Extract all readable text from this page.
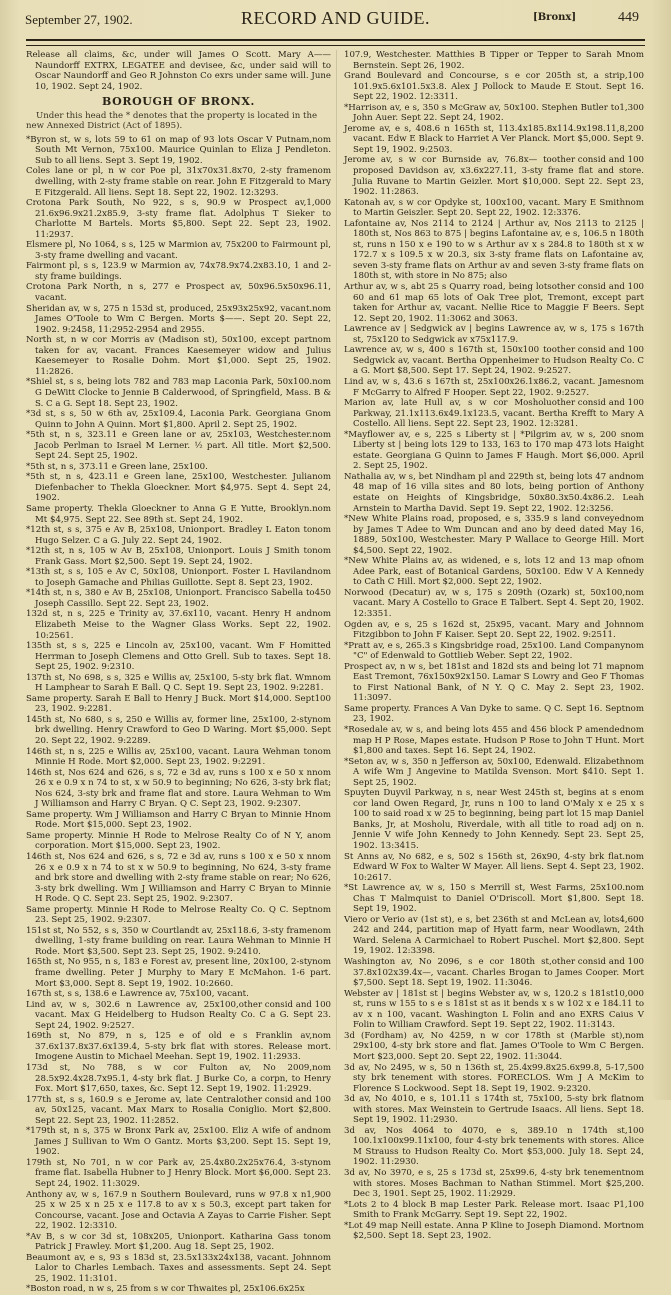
September 27, 1902.	RECORD AND GUIDE.	[Bronx]	449

——
Release all claims, &c, under will James O Scott. Mary A Naundorff EXTRX, LEGATEE and devisee, &c, under said will to Oscar Naundorff and Geo R Johnston Co exrs under same will. June 10, 1902. Sept 24, 1902.

BOROUGH OF BRONX.

Under this head the * denotes that the property is located in the new Annexed District (Act of 1895).

nom
*Byron st, w s, lots 59 to 61 on map of 93 lots Oscar V Putnam, South Mt Vernon, 75x100. Maurice Quinlan to Eliza J Pendleton. Sub to all liens. Sept 3. Sept 19, 1902.

nom
Coles lane or pl, n w cor Poe pl, 31x70x31.8x70, 2-sty frame dwelling, with 2-sty frame stable on rear. John E Fitzgerald to Mary E Fitzgerald. All liens. Sept 18. Sept 22, 1902. 12:3293.

1,000
Crotona Park South, No 922, s s, 90.9 w Prospect av, 21.6x96.9x21.2x85.9, 3-sty frame flat. Adolphus T Sieker to Charlotte M Bartels. Morts $5,800. Sept 22. Sept 23, 1902. 11:2937.

Elsmere pl, No 1064, s s, 125 w Marmion av, 75x200 to Fairmount pl, 3-sty frame dwelling and vacant.

Fairmont pl, s s, 123.9 w Marmion av, 74x78.9x74.2x83.10, 1 and 2-sty frame buildings.

Crotona Park North, n s, 277 e Prospect av, 50x96.5x50x96.11, vacant.

nom
Sheridan av, w s, 275 n 153d st, produced, 25x93x25x92, vacant. James O'Toole to Wm C Bergen. Morts $——. Sept 20. Sept 22, 1902. 9:2458, 11:2952-2954 and 2955.

nom
North st, n w cor Morris av (Madison st), 50x100, except part taken for av, vacant. Frances Kaesemeyer widow and Julius Kaesemeyer to Rosalie Dohm. Mort $1,000. Sept 25, 1902. 11:2826.

nom
*Shiel st, s s, being lots 782 and 783 map Laconia Park, 50x100. G DeWitt Clocke to Jennie B Calderwood, of Springfield, Mass. B & S. C a G. Sept 18. Sept 23, 1902.

nom
*3d st, s s, 50 w 6th av, 25x109.4, Laconia Park. Georgiana G Quinn to John A Quinn. Mort $1,800. April 2. Sept 25, 1902.

nom
*5th st, n s, 323.11 e Green lane or av, 25x103, Westchester. Jacob Perlman to Israel M Lerner. ½ part. All title. Mort $2,500. Sept 24. Sept 25, 1902.

*5th st, n s, 373.11 e Green lane, 25x100.

nom
*5th st, n s, 423.11 e Green lane, 25x100, Westchester. Julia Diefenbacher to Thekla Gloeckner. Mort $4,975. Sept 4. Sept 24, 1902.

nom
Same property. Thekla Gloeckner to Anna G E Yutte, Brooklyn. Mt $4,975. Sept 22. See 89th st. Sept 24, 1902.

nom
*12th st, s s, 375 e Av B, 25x108, Unionport. Bradley L Eaton to Hugo Selzer. C a G. July 22. Sept 24, 1902.

nom
*12th st, n s, 105 w Av B, 25x108, Unionport. Louis J Smith to Frank Gass. Mort $2,500. Sept 19. Sept 24, 1902.

nom
*13th st, s s, 105 e Av C, 50x108, Unionport. Foster L Haviland to Joseph Gamache and Philias Guillotte. Sept 8. Sept 23, 1902.

450
*14th st, n s, 380 e Av B, 25x108, Unionport. Francisco Sabella to Joseph Cassillo. Sept 22. Sept 23, 1902.

nom
132d st, n s, 225 e Trinity av, 37.6x110, vacant. Henry H and Elizabeth Meise to the Wagner Glass Works. Sept 22, 1902. 10:2561.

omitted
135th st, s s, 225 e Lincoln av, 25x100, vacant. Wm F H Herrman to Joseph Clemens and Otto Grell. Sub to taxes. Sept 18. Sept 25, 1902. 9:2310.

nom
137th st, No 698, s s, 325 e Willis av, 25x100, 5-sty brk flat. Wm H Lamphear to Sarah E Ball. Q C. Sept 19. Sept 23, 1902. 9:2281.

100
Same property. Sarah E Ball to Henry J Buck. Mort $14,000. Sept 23, 1902. 9:2281.

nom
145th st, No 680, s s, 250 e Willis av, former line, 25x100, 2-sty brk dwelling. Henry Crawford to Geo D Waring. Mort $5,000. Sept 20. Sept 22, 1902. 9:2289.

nom
146th st, n s, 225 e Willis av, 25x100, vacant. Laura Wehman to Minnie H Rode. Mort $2,000. Sept 23, 1902. 9:2291.

nom
146th st, Nos 624 and 626, s s, 72 e 3d av, runs s 100 x e 50 x n 26 x e 0.9 x n 74 to st, x w 50.9 to beginning; No 626, 3-sty brk flat; Nos 624, 3-sty brk and frame flat and store. Laura Wehman to Wm J Williamson and Harry C Bryan. Q C. Sept 23, 1902. 9:2307.

nom
Same property. Wm J Williamson and Harry C Bryan to Minnie H Rode. Mort $15,000. Sept 23, 1902.

nom
Same property. Minnie H Rode to Melrose Realty Co of N Y, a corporation. Mort $15,000. Sept 23, 1902.

nom
146th st, Nos 624 and 626, s s, 72 e 3d av, runs s 100 x e 50 x n 26 x e 0.9 x n 74 to st x w 50.9 to beginning, No 624, 3-sty frame and brk store and dwelling with 2-sty frame stable on rear; No 626, 3-sty brk dwelling. Wm J Williamson and Harry C Bryan to Minnie H Rode. Q C. Sept 23. Sept 25, 1902. 9:2307.

nom
Same property. Minnie H Rode to Melrose Realty Co. Q C. Sept 23. Sept 25, 1902. 9:2307.

nom
151st st, No 552, s s, 350 w Courtlandt av, 25x118.6, 3-sty frame dwelling, 1-sty frame building on rear. Laura Wehman to Minnie H Rode. Mort $3,500. Sept 23. Sept 25, 1902. 9:2410.

nom
165th st, No 955, n s, 183 e Forest av, present line, 20x100, 2-sty frame dwelling. Peter J Murphy to Mary E McMahon. 1-6 part. Mort $3,000. Sept 8. Sept 19, 1902. 10:2660.

167th st, s s, 138.6 e Lawrence av, 75x100, vacant.

other consid and 100
Lind av, w s, 302.6 n Lawrence av, 25x100, vacant. Max G Heidelberg to Hudson Realty Co. C a G. Sept 23. Sept 24, 1902. 9:2527.

nom
169th st, No 879, n s, 125 e of old e s Franklin av, 37.6x137.8x37.6x139.4, 5-sty brk flat with stores. Release mort. Imogene Austin to Michael Meehan. Sept 19, 1902. 11:2933.

nom
173d st, No 788, s w cor Fulton av, No 2009, 28.5x92.4x28.7x95.1, 4-sty brk flat. J Burke Co, a corpn, to Henry Fox. Mort $17,650, taxes, &c. Sept 12. Sept 19, 1902. 11:2929.

other consid and 100
177th st, s s, 160.9 s e Jerome av, late Central av, 50x125, vacant. Max Marx to Rosalia Coniglio. Mort $2,800. Sept 22. Sept 23, 1902. 11:2852.

nom
*179th st, n s, 375 w Bronx Park av, 25x100. Eliz A wife of and James J Sullivan to Wm O Gantz. Morts $3,200. Sept 15. Sept 19, 1902.

nom
179th st, No 701, n w cor Park av, 25.4x80.2x25x76.4, 3-sty frame flat. Isabella Hubner to J Henry Block. Mort $6,000. Sept 23. Sept 24, 1902. 11:3029.

1,900
Anthony av, w s, 167.9 n Southern Boulevard, runs w 97.8 x n 25 x w 25 x n 25 x e 117.8 to av x s 50.3, except part taken for Concourse, vacant. Jose and Octavia A Zayas to Carrie Fisher. Sept 22, 1902. 12:3310.

nom
*Av B, s w cor 3d st, 108x205, Unionport. Katharina Gass to Patrick J Frawley. Mort $1,200. Aug 18. Sept 25, 1902.

nom
Beaumont av, e s, 93 s 183d st, 23.5x133x24x138, vacant. John Lalor to Charles Lembach. Taxes and assessments. Sept 24. Sept 25, 1902. 11:3101.

*Boston road, n w s, 25 from s w cor Thwaites pl, 25x106.6x25x

nom
107.9, Westchester. Matthies B Tipper or Tepper to Sarah M Bernstein. Sept 26, 1902.

100
Grand Boulevard and Concourse, s e cor 205th st, a strip, 101.9x5.6x101.5x3.8. Alex J Pollock to Maude E Stout. Sept 16. Sept 22, 1902. 12:3311.

1,300
*Harrison av, e s, 350 s McGraw av, 50x100. Stephen Butler to John Auer. Sept 22. Sept 24, 1902.

8,200
Jerome av, e s, 408.6 n 165th st, 113.4x185.8x114.9x198.11, vacant. Edw E Black to Harriet A Ver Planck. Mort $5,000. Sept 9. Sept 19, 1902. 9:2503.

other consid and 100
Jerome av, s w cor Burnside av, 76.8x— to proposed Davidson av, x3.6x227.11, 3-sty frame flat and store. Julia Ruvane to Martin Geizler. Mort $10,000. Sept 22. Sept 23, 1902. 11:2863.

nom
Katonah av, s w cor Opdyke st, 100x100, vacant. Mary E Smith to Martin Geiszler. Sept 20. Sept 22, 1902. 12:3376.

Lafontaine av, Nos 2114 to 2124 | Arthur av, Nos 2113 to 2125 | 180th st, Nos 863 to 875 | begins Lafontaine av, e s, 106.5 n 180th st, runs n 150 x e 190 to w s Arthur av x s 284.8 to 180th st x w 172.7 x s 109.5 x w 20.3, six 3-sty frame flats on Lafontaine av, seven 3-sty frame flats on Arthur av and seven 3-sty frame flats on 180th st, with store in No 875; also

other consid and 100
Arthur av, w s, abt 25 s Quarry road, being lots 60 and 61 map 65 lots of Oak Tree plot, Tremont, except part taken for Arthur av, vacant. Nellie Rice to Maggie F Beers. Sept 12. Sept 20, 1902. 11:3062 and 3063.

Lawrence av | Sedgwick av | begins Lawrence av, w s, 175 s 167th st, 75x120 to Sedgwick av x75x117.9.

other consid and 100
Lawrence av, w s, 400 s 167th st, 150x100 to Sedgwick av, vacant. Bertha Oppenheimer to Hudson Realty Co. C a G. Mort $8,500. Sept 17. Sept 24, 1902. 9:2527.

nom
Lind av, w s, 43.6 s 167th st, 25x100x26.1x86.2, vacant. James F McGarry to Alfred F Hooper. Sept 22, 1902. 9:2527.

other consid and 100
Marion av, late Hull av, s w cor Mosholu Parkway, 21.1x113.6x49.1x123.5, vacant. Bertha Krefft to Mary A Costello. All liens. Sept 22. Sept 23, 1902. 12:3281.

nom
*Mayflower av, e s, 225 s Liberty st | *Pilgrim av, w s, 200 s Liberty st | being lots 129 to 133, 163 to 170 map 473 lots Haight estate. Georgiana G Quinn to James F Haugh. Mort $6,000. April 2. Sept 25, 1902.

nom
Nathalia av, w s, bet Nindham pl and 229th st, being lots 47 and 48 map of 16 villa sites and 80 lots, being portion of Anthony estate on Heights of Kingsbridge, 50x80.3x50.4x86.2. Leah Arnstein to Martha David. Sept 19. Sept 22, 1902. 12:3256.

nom
*New White Plains road, proposed, e s, 335.9 s land conveyed by James T Adee to Wm Duncan and ano by deed dated May 16, 1889, 50x100, Westchester. Mary P Wallace to George Hill. Mort $4,500. Sept 22, 1902.

nom
*New White Plains av, as widened, e s, lots 12 and 13 map of Adee Park, east of Botanical Gardens, 50x100. Edw V A Kennedy to Cath C Hill. Mort $2,000. Sept 22, 1902.

nom
Norwood (Decatur) av, w s, 175 s 209th (Ozark) st, 50x100, vacant. Mary A Costello to Grace E Talbert. Sept 4. Sept 20, 1902. 12:3351.

nom
Ogden av, e s, 25 s 162d st, 25x95, vacant. Mary and John Fitzgibbon to John F Kaiser. Sept 20. Sept 22, 1902. 9:2511.

nom
*Pratt av, e s, 265.3 s Kingsbridge road, 25x100. Land Company "C" of Edenwald to Gottlieb Weber. Sept 22, 1902.

nom
Prospect av, n w s, bet 181st and 182d sts and being lot 71 map East Tremont, 76x150x92x150. Lamar S Lowry and Geo F Thomas to First National Bank, of N Y. Q C. May 2. Sept 23, 1902. 11:3097.

nom
Same property. Frances A Van Dyke to same. Q C. Sept 16. Sept 23, 1902.

nom
*Rosedale av, w s, and being lots 455 and 456 block P amended map H P Rose, Mapes estate. Hudson P Rose to John T Hunt. Mort $1,800 and taxes. Sept 16. Sept 24, 1902.

nom
*Seton av, w s, 350 n Jefferson av, 50x100, Edenwald. Elizabeth A wife Wm J Angevine to Matilda Svenson. Mort $410. Sept 1. Sept 25, 1902.

nom
Spuyten Duyvil Parkway, n s, near West 245th st, begins at s e cor land Owen Regard, Jr, runs n 100 to land O'Maly x e 25 x s 100 to said road x w 25 to beginning, being part lot 15 map Daniel Banks, Jr, at Mosholu, Riverdale, with all title to road adj on n. Jennie V wife John Kennedy to John Kennedy. Sept 23. Sept 25, 1902. 13:3415.

nom
St Anns av, No 682, e s, 502 s 156th st, 26x90, 4-sty brk flat. Edward W Fox to Walter W Mayer. All liens. Sept 4. Sept 23, 1902. 10:2617.

nom
*St Lawrence av, w s, 150 s Merrill st, West Farms, 25x100. Chas T Malmquist to Daniel O'Driscoll. Mort $1,800. Sept 18. Sept 19, 1902.

4,600
Viero or Verio av (1st st), e s, bet 236th st and McLean av, lots 242 and 244, partition map of Hyatt farm, near Woodlawn, 24th Ward. Selena A Carmichael to Robert Puschel. Mort $2,800. Sept 19, 1902. 12:3398.

other consid and 100
Washington av, No 2096, s e cor 180th st, 37.8x102x39.4x—, vacant. Charles Brogan to James Cooper. Mort $7,500. Sept 18. Sept 19, 1902. 11:3046.

10,000
Webster av | 181st st | begins Webster av, w s, 120.2 s 181st st, runs w 155 to s e s 181st st as it bends x s w 102 x e 184.11 to av x n 100, vacant. Washington L Folin and ano EXRS Caius V Folin to William Crawford. Sept 19. Sept 22, 1902. 11:3143.

nom
3d (Fordham) av, No 4259, n w cor 178th st (Marble st), 29x100, 4-sty brk store and flat. James O'Toole to Wm C Bergen. Mort $23,000. Sept 20. Sept 22, 1902. 11:3044.

17,500
3d av, No 2495, w s, 50 n 136th st, 25.4x99.8x25.6x99.8, 5-sty brk tenement with stores. FORECLOS. Wm J A McKim to Florence S Lockwood. Sept 18. Sept 19, 1902. 9:2320.

nom
3d av, No 4010, e s, 101.11 s 174th st, 75x100, 5-sty brk flat with stores. Max Weinstein to Gertrude Isaacs. All liens. Sept 18. Sept 19, 1902. 11:2930.

100
3d av, Nos 4064 to 4070, e s, 389.10 n 174th st, 100.1x100x99.11x100, four 4-sty brk tenements with stores. Alice M Strauss to Hudson Realty Co. Mort $53,000. July 18. Sept 24, 1902. 11:2930.

nom
3d av, No 3970, e s, 25 s 173d st, 25x99.6, 4-sty brk tenement with stores. Moses Bachman to Nathan Stimmel. Mort $25,200. Dec 3, 1901. Sept 25, 1902. 11:2929.

1,100
*Lots 2 to 4 block B map Lester Park. Release mort. Isaac P Smith to Frank McGarry. Sept 19. Sept 22, 1902.

nom
*Lot 49 map Neill estate. Anna P Kline to Joseph Diamond. Mort $2,500. Sept 18. Sept 23, 1902.
